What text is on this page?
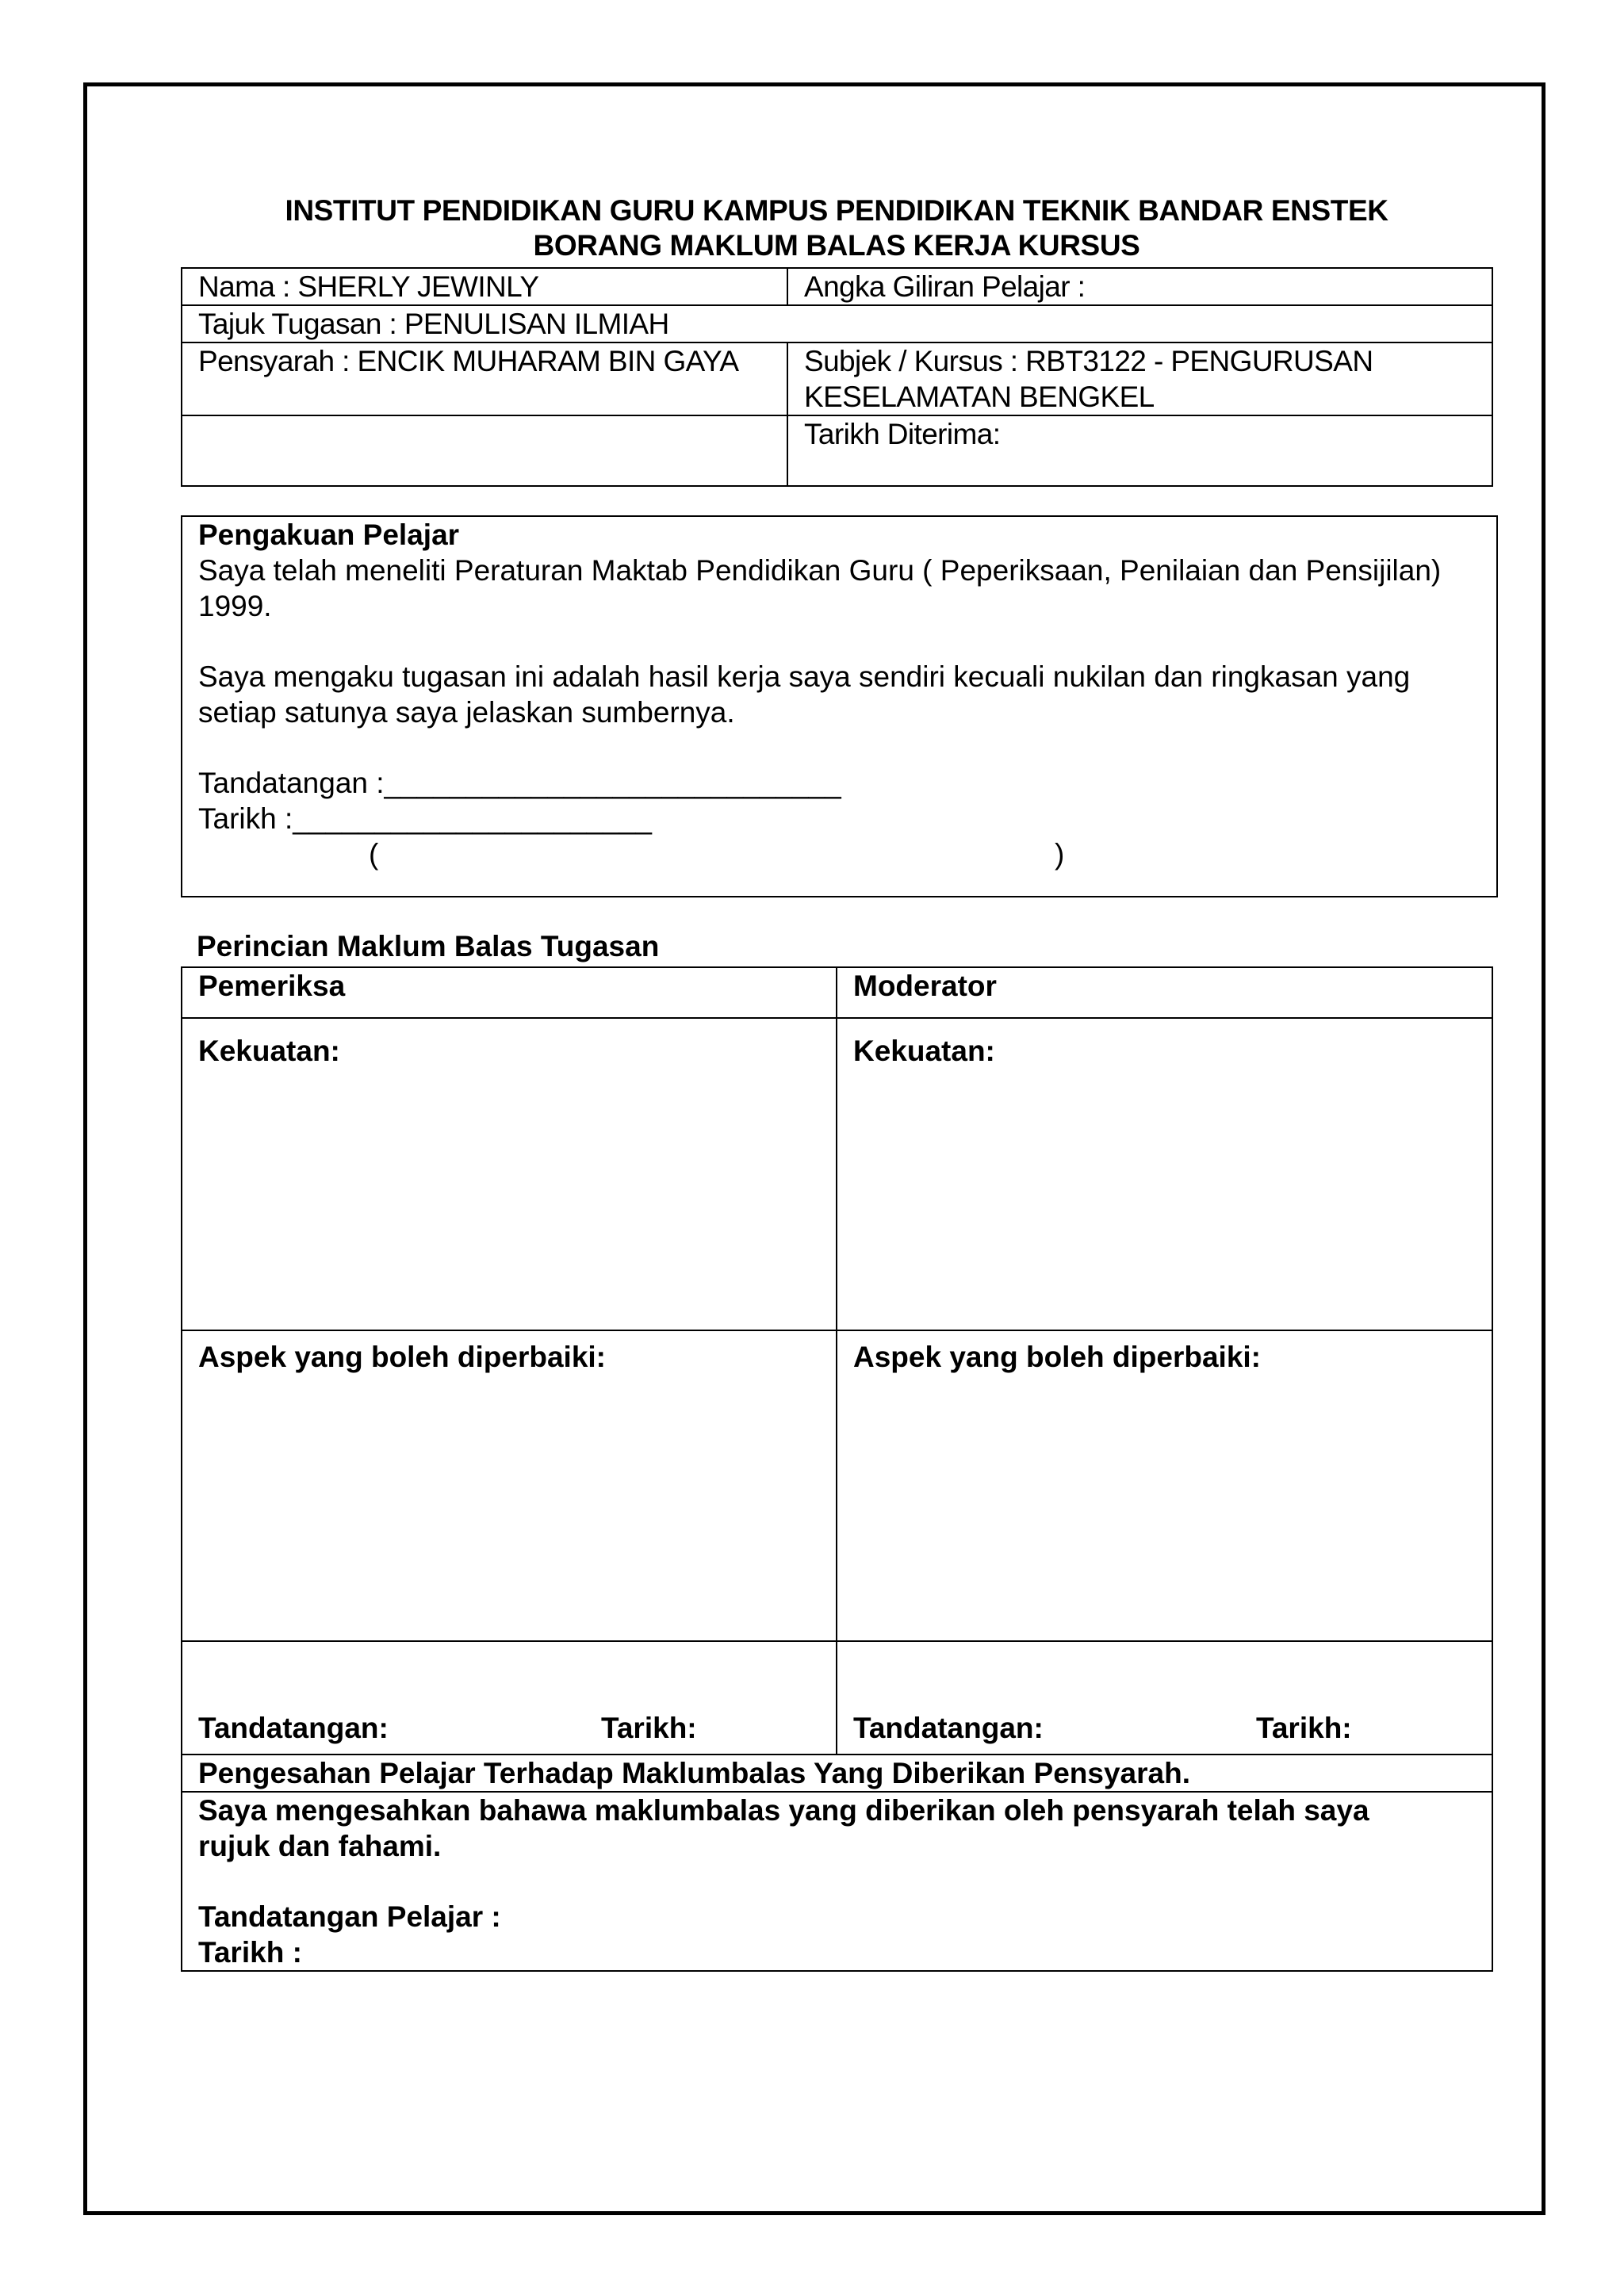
INSTITUT PENDIDIKAN GURU KAMPUS PENDIDIKAN TEKNIK BANDAR ENSTEK
BORANG MAKLUM BALAS KERJA KURSUS
Nama : SHERLY JEWINLY	Angka Giliran Pelajar :
Tajuk Tugasan : PENULISAN ILMIAH	
Pensyarah : ENCIK MUHARAM BIN GAYA	Subjek / Kursus : RBT3122 - PENGURUSAN
KESELAMATAN BENGKEL

	Tarikh Diterima:
Pengakuan Pelajar
Saya telah meneliti Peraturan Maktab Pendidikan Guru ( Peperiksaan, Penilaian dan Pensijilan)
1999.
Saya mengaku tugasan ini adalah hasil kerja saya sendiri kecuali nukilan dan ringkasan yang
setiap satunya saya jelaskan sumbernya.
Tandatangan :____________________________
Tarikh :______________________
(	)
Perincian Maklum Balas Tugasan
Pemeriksa	Moderator

Kekuatan:	Kekuatan:

Aspek yang boleh diperbaiki:	Aspek yang boleh diperbaiki:

Tandatangan: Tarikh:	Tandatangan: Tarikh:

Pengesahan Pelajar Terhadap Maklumbalas Yang Diberikan Pensyarah.	

Saya mengesahkan bahawa maklumbalas yang diberikan oleh pensyarah telah saya
rujuk dan fahami.
Tandatangan Pelajar :
Tarikh :	
